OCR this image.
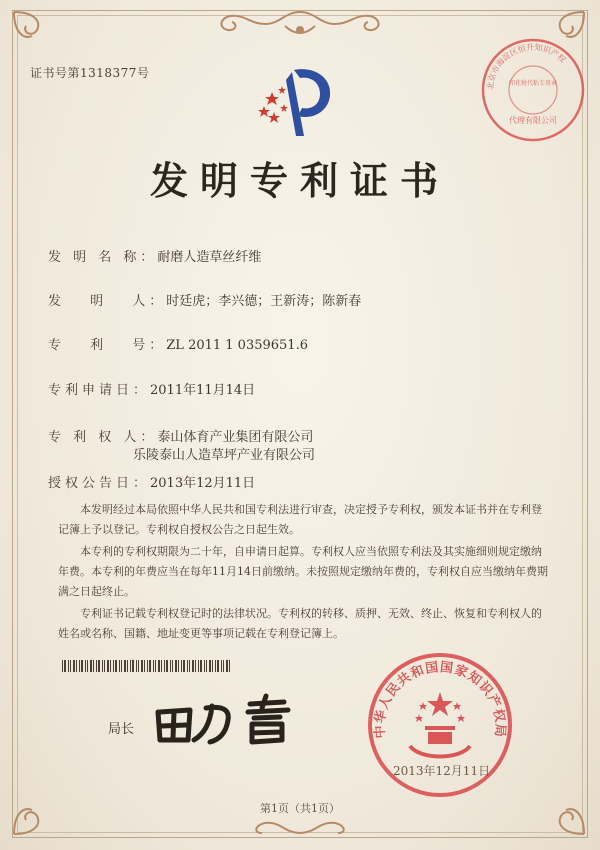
证书号第1318377号
北京市海淀区恒升知识产权
印花税代粘专用章
代理有限公司
发明专利证书
发 明 名 称：耐磨人造草丝纤维
发　 明　 人：时廷虎；李兴德；王新涛；陈新春
专　 利　 号：ZL 2011 1 0359651.6
专利申请日：2011年11月14日
专 利 权 人：泰山体育产业集团有限公司
乐陵泰山人造草坪产业有限公司
授权公告日：2013年12月11日

本发明经过本局依照中华人民共和国专利法进行审查，决定授予专利权，颁发本证书并在专利登记簿上予以登记。专利权自授权公告之日起生效。

本专利的专利权期限为二十年，自申请日起算。专利权人应当依照专利法及其实施细则规定缴纳年费。本专利的年费应当在每年11月14日前缴纳。未按照规定缴纳年费的，专利权自应当缴纳年费期满之日起终止。

专利证书记载专利权登记时的法律状况。专利权的转移、质押、无效、终止、恢复和专利权人的姓名或名称、国籍、地址变更等事项记载在专利登记簿上。

局长	中华人民共和国国家知识产权局
2013年12月11日
第1页（共1页）
